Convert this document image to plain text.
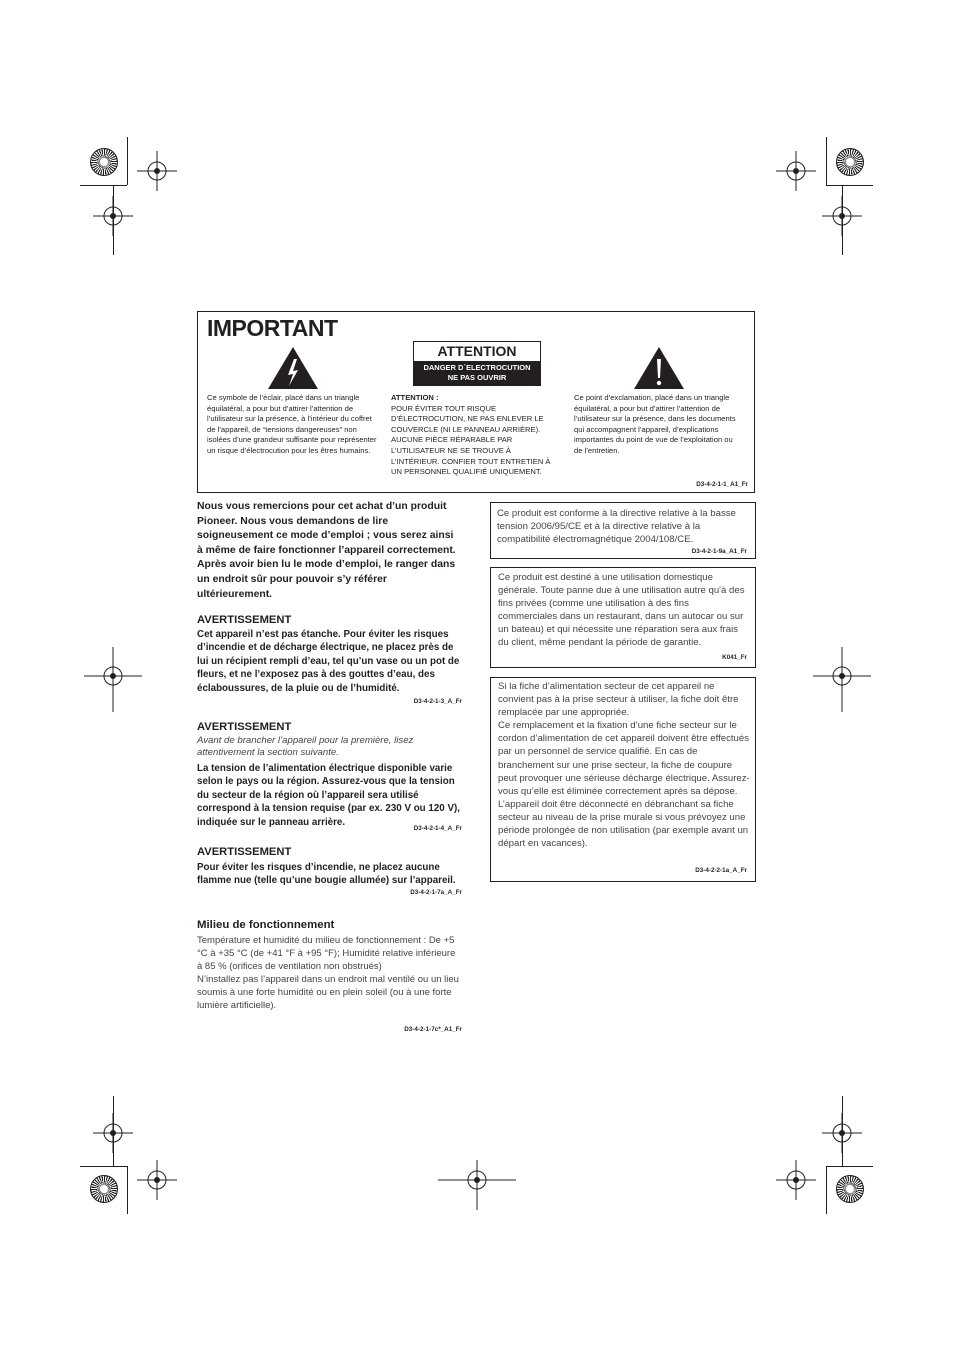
IMPORTANT
ATTENTION
DANGER D´ELECTROCUTION
NE PAS OUVRIR
Ce symbole de l’éclair, placé dans un triangle équilatéral, a pour but d’attirer l’attention de l’utilisateur sur la présence, à l’intérieur du coffret de l’appareil, de “tensions dangereuses” non isolées d’une grandeur suffisante pour représenter un risque d’électrocution pour les êtres humains.
ATTENTION :
POUR ÉVITER TOUT RISQUE D’ÉLECTROCUTION, NE PAS ENLEVER LE COUVERCLE (NI LE PANNEAU ARRIÈRE). AUCUNE PIÈCE RÉPARABLE PAR L’UTILISATEUR NE SE TROUVE À L’INTÉRIEUR. CONFIER TOUT ENTRETIEN À UN PERSONNEL QUALIFIÉ UNIQUEMENT.
Ce point d’exclamation, placé dans un triangle équilatéral, a pour but d’attirer l’attention de l’utilisateur sur la présence, dans les documents qui accompagnent l’appareil, d’explications importantes du point de vue de l’exploitation ou de l’entretien.
D3-4-2-1-1_A1_Fr
Nous vous remercions pour cet achat d’un produit Pioneer. Nous vous demandons de lire soigneusement ce mode d’emploi ; vous serez ainsi à même de faire fonctionner l’appareil correctement. Après avoir bien lu le mode d’emploi, le ranger dans un endroit sûr pour pouvoir s’y référer ultérieurement.
AVERTISSEMENT
Cet appareil n’est pas étanche. Pour éviter les risques d’incendie et de décharge électrique, ne placez près de lui un récipient rempli d’eau, tel qu’un vase ou un pot de fleurs, et ne l’exposez pas à des gouttes d’eau, des éclaboussures, de la pluie ou de l’humidité.
D3-4-2-1-3_A_Fr
AVERTISSEMENT
Avant de brancher l’appareil pour la première, lisez attentivement la section suivante.
La tension de l’alimentation électrique disponible varie selon le pays ou la région. Assurez-vous que la tension du secteur de la région où l’appareil sera utilisé correspond à la tension requise (par ex. 230 V ou 120 V), indiquée sur le panneau arrière.
D3-4-2-1-4_A_Fr
AVERTISSEMENT
Pour éviter les risques d’incendie, ne placez aucune flamme nue (telle qu’une bougie allumée) sur l’appareil.
D3-4-2-1-7a_A_Fr
Milieu de fonctionnement
Température et humidité du milieu de fonctionnement : De +5 °C à +35 °C (de +41 °F à +95 °F); Humidité relative inférieure à 85 % (orifices de ventilation non obstrués)
N’installez pas l’appareil dans un endroit mal ventilé ou un lieu soumis à une forte humidité ou en plein soleil (ou à une forte lumière artificielle).
D3-4-2-1-7c*_A1_Fr
Ce produit est conforme à la directive relative à la basse tension 2006/95/CE et à la directive relative à la compatibilité électromagnétique 2004/108/CE.
D3-4-2-1-9a_A1_Fr
Ce produit est destiné à une utilisation domestique générale. Toute panne due à une utilisation autre qu'à des fins privées (comme une utilisation à des fins commerciales dans un restaurant, dans un autocar ou sur un bateau) et qui nécessite une réparation sera aux frais du client, même pendant la période de garantie.
K041_Fr
Si la fiche d’alimentation secteur de cet appareil ne convient pas à la prise secteur à utiliser, la fiche doit être remplacée par une appropriée.
Ce remplacement et la fixation d’une fiche secteur sur le cordon d’alimentation de cet appareil doivent être effectués par un personnel de service qualifié. En cas de branchement sur une prise secteur, la fiche de coupure peut provoquer une sérieuse décharge électrique. Assurez-vous qu’elle est éliminée correctement après sa dépose.
L’appareil doit être déconnecté en débranchant sa fiche secteur au niveau de la prise murale si vous prévoyez une période prolongée de non utilisation (par exemple avant un départ en vacances).
D3-4-2-2-1a_A_Fr
